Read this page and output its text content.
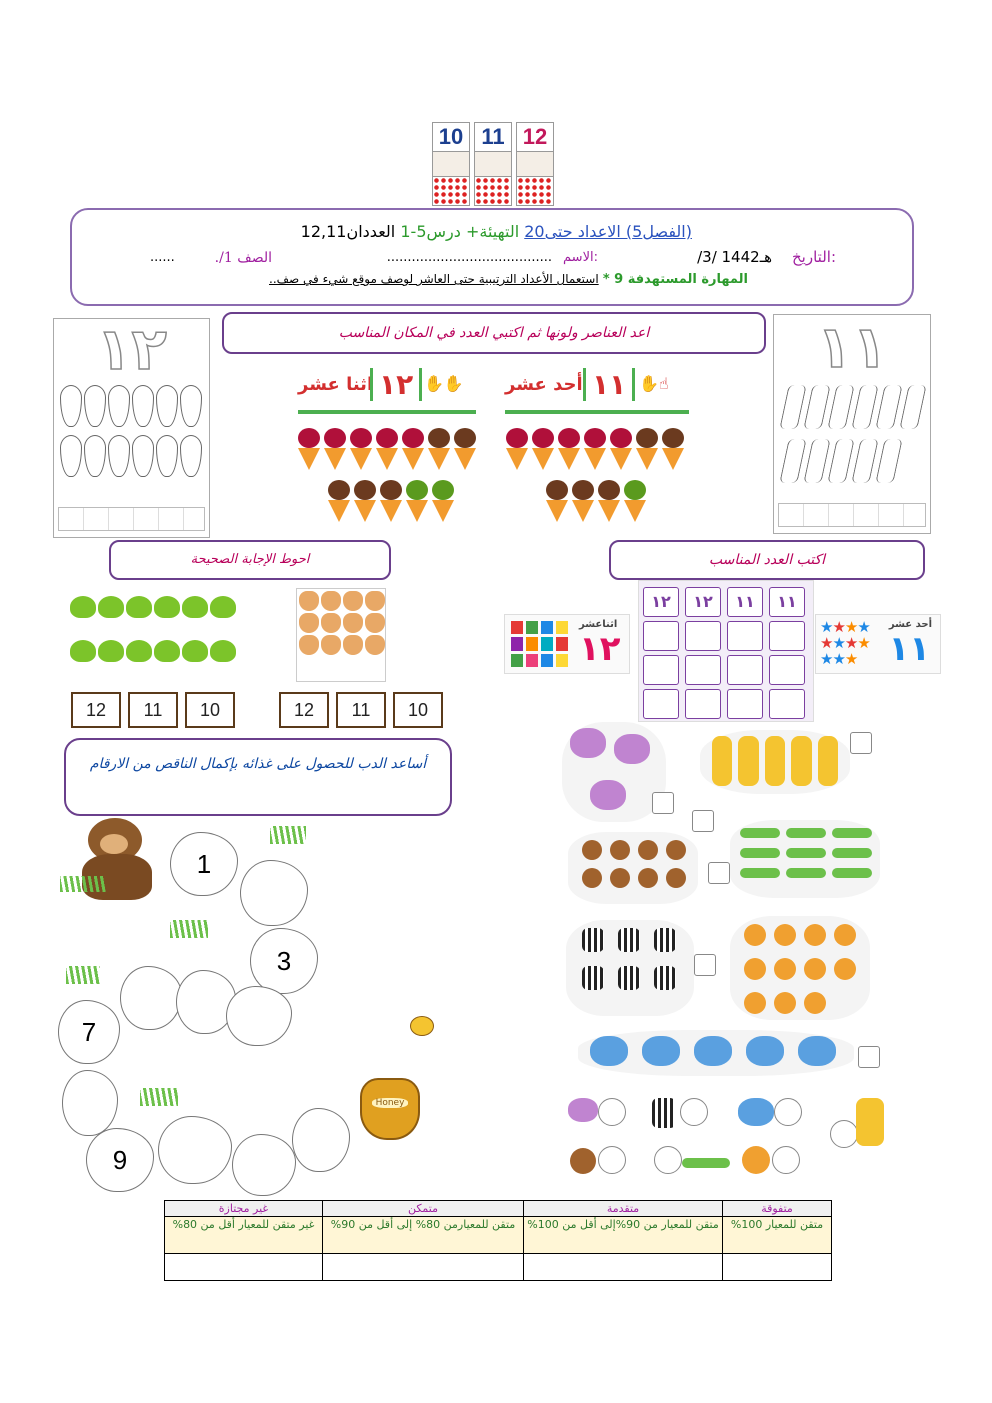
10 11 12
(الفصل5) الاعداد حتى20 التهيئة+ درس5-1 العددان12,11
التاريخ:
/3/ 1442هـ
الاسم:
........................................
الصف 1/.
......
المهارة المستهدفة 9 * استعمال الأعداد الترتيبية حتى العاشر لوصف موقع شيء في صف..
١٢	١١
اعد العناصر ولونها ثم اكتبي العدد في المكان المناسب
اثنا عشر ١٢ ✋✋ أحد عشر ١١ ✋☝
احوط الإجابة الصحيحة	اكتب العدد المناسب
12	11	10	12	11	10
اثناعشر
١٢
١٢	١٢	١١	١١
أحد عشر
١١
★★★★
★★★★
★★★
أساعد الدب للحصول على غذائه بإكمال الناقص من الارقام
1
3
7
9
Honey
متفوقة	متقدمة	متمكن	غير مجتازة
متقن للمعيار 100%	متقن للمعيار من 90%إلى أقل من 100%	متقن للمعيارمن 80% إلى أقل من 90%	غير متقن للمعيار أقل من 80%
